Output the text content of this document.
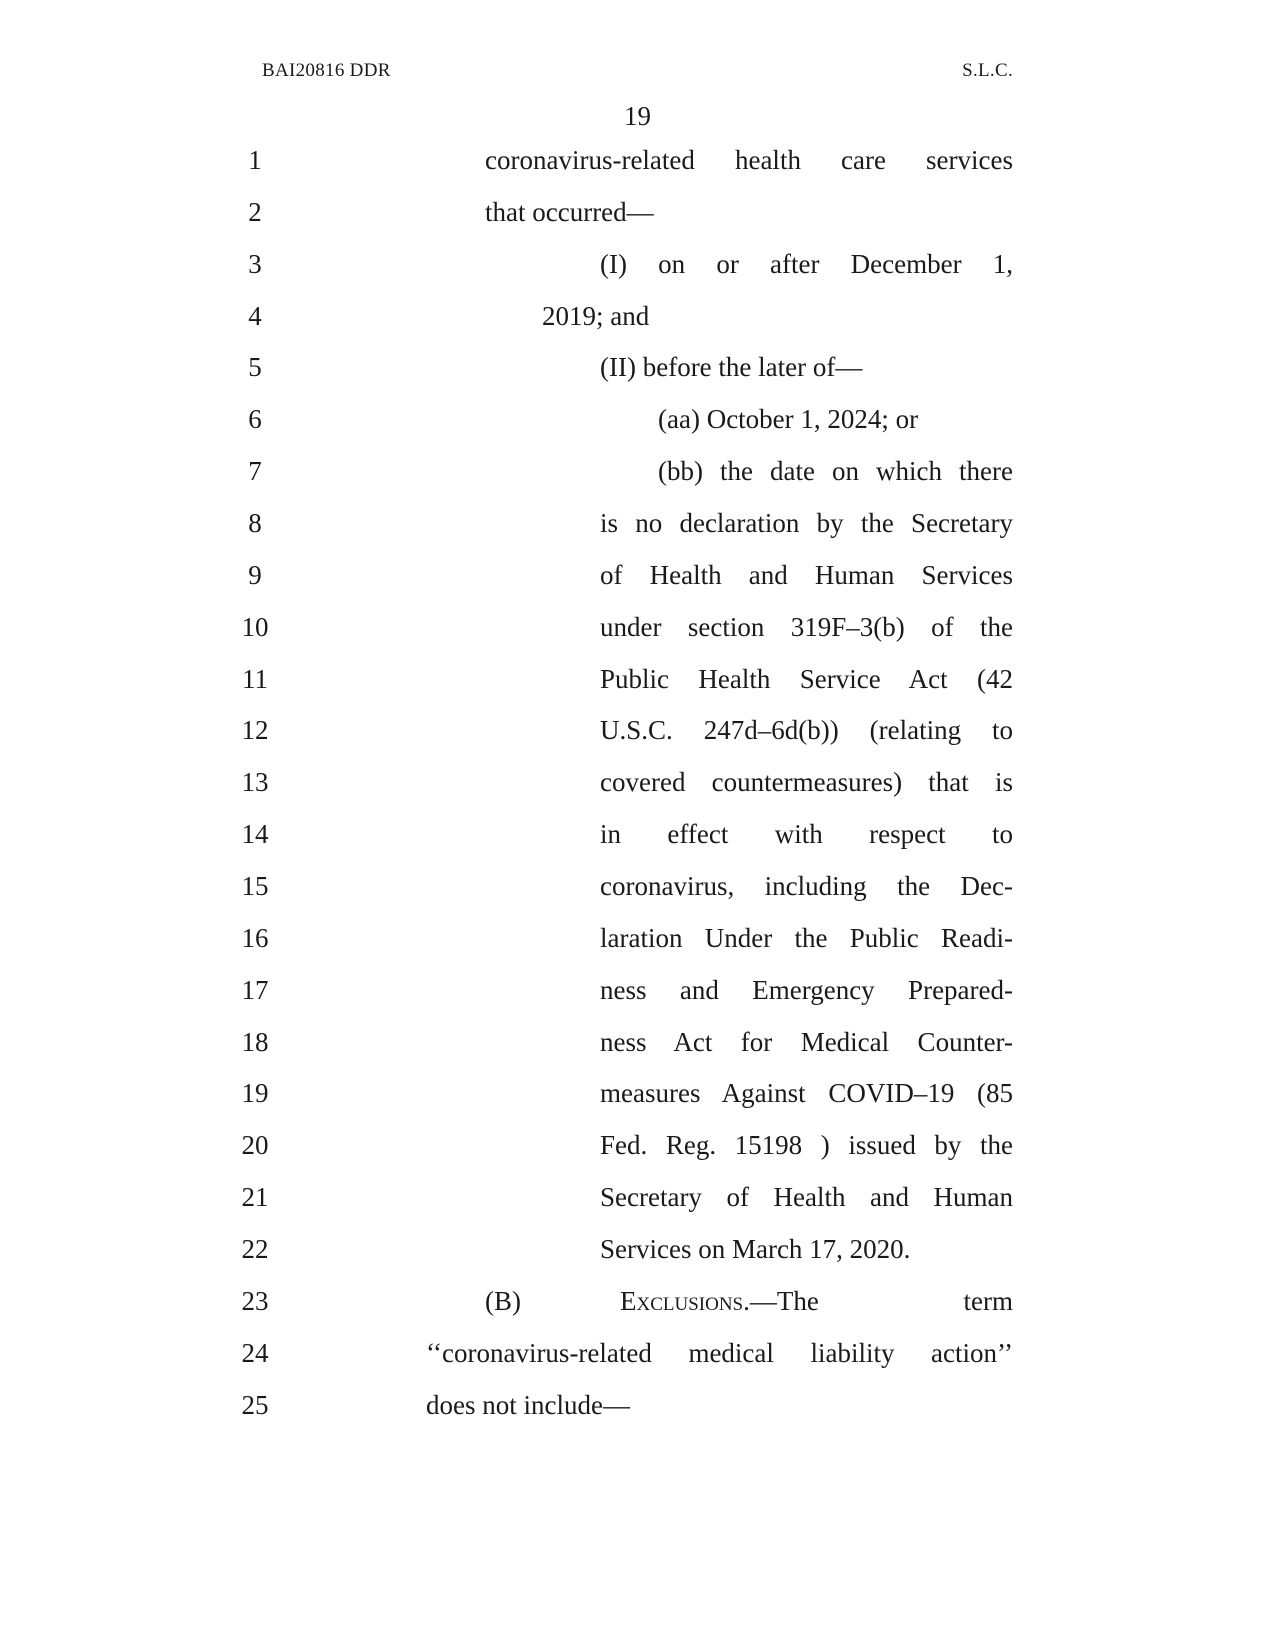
BAI20816 DDR	S.L.C.
19
1	coronavirus-related health care services
2	that occurred—
3	(I) on or after December 1,
4	2019; and
5	(II) before the later of—
6	(aa) October 1, 2024; or
7	(bb) the date on which there
8	is no declaration by the Secretary
9	of Health and Human Services
10	under section 319F–3(b) of the
11	Public Health Service Act (42
12	U.S.C. 247d–6d(b)) (relating to
13	covered countermeasures) that is
14	in effect with respect to
15	coronavirus, including the Dec-
16	laration Under the Public Readi-
17	ness and Emergency Prepared-
18	ness Act for Medical Counter-
19	measures Against COVID–19 (85
20	Fed. Reg. 15198 ) issued by the
21	Secretary of Health and Human
22	Services on March 17, 2020.
23	(B)	Exclusions.—The	term
24	‘‘coronavirus-related medical liability action’’
25	does not include—
